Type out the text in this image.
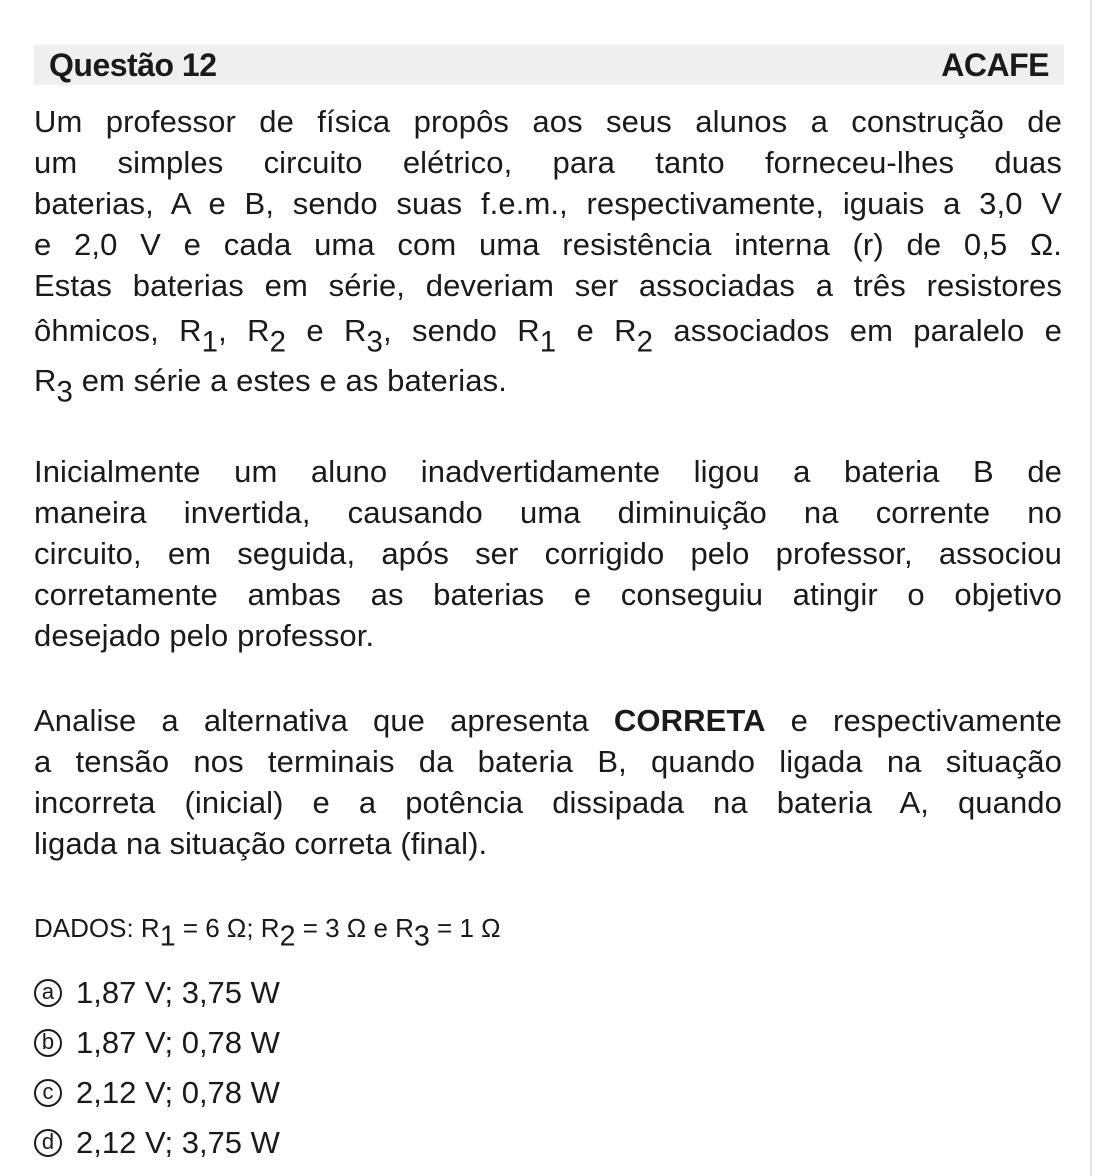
Questão 12	ACAFE
Um professor de física propôs aos seus alunos a construção de
um simples circuito elétrico, para tanto forneceu-lhes duas
baterias, A e B, sendo suas f.e.m., respectivamente, iguais a 3,0 V
e 2,0 V e cada uma com uma resistência interna (r) de 0,5 Ω.
Estas baterias em série, deveriam ser associadas a três resistores
ôhmicos, $R_1$, $R_2$ e $R_3$, sendo $R_1$ e $R_2$ associados em paralelo e
$R_3$ em série a estes e as baterias.
Inicialmente um aluno inadvertidamente ligou a bateria B de
maneira invertida, causando uma diminuição na corrente no
circuito, em seguida, após ser corrigido pelo professor, associou
corretamente ambas as baterias e conseguiu atingir o objetivo
desejado pelo professor.
Analise a alternativa que apresenta CORRETA e respectivamente
a tensão nos terminais da bateria B, quando ligada na situação
incorreta (inicial) e a potência dissipada na bateria A, quando
ligada na situação correta (final).
DADOS: $R_1 = 6$ Ω; $R_2 = 3$ Ω e $R_3 = 1$ Ω
a 1,87 V; 3,75 W
b 1,87 V; 0,78 W
c 2,12 V; 0,78 W
d 2,12 V; 3,75 W
